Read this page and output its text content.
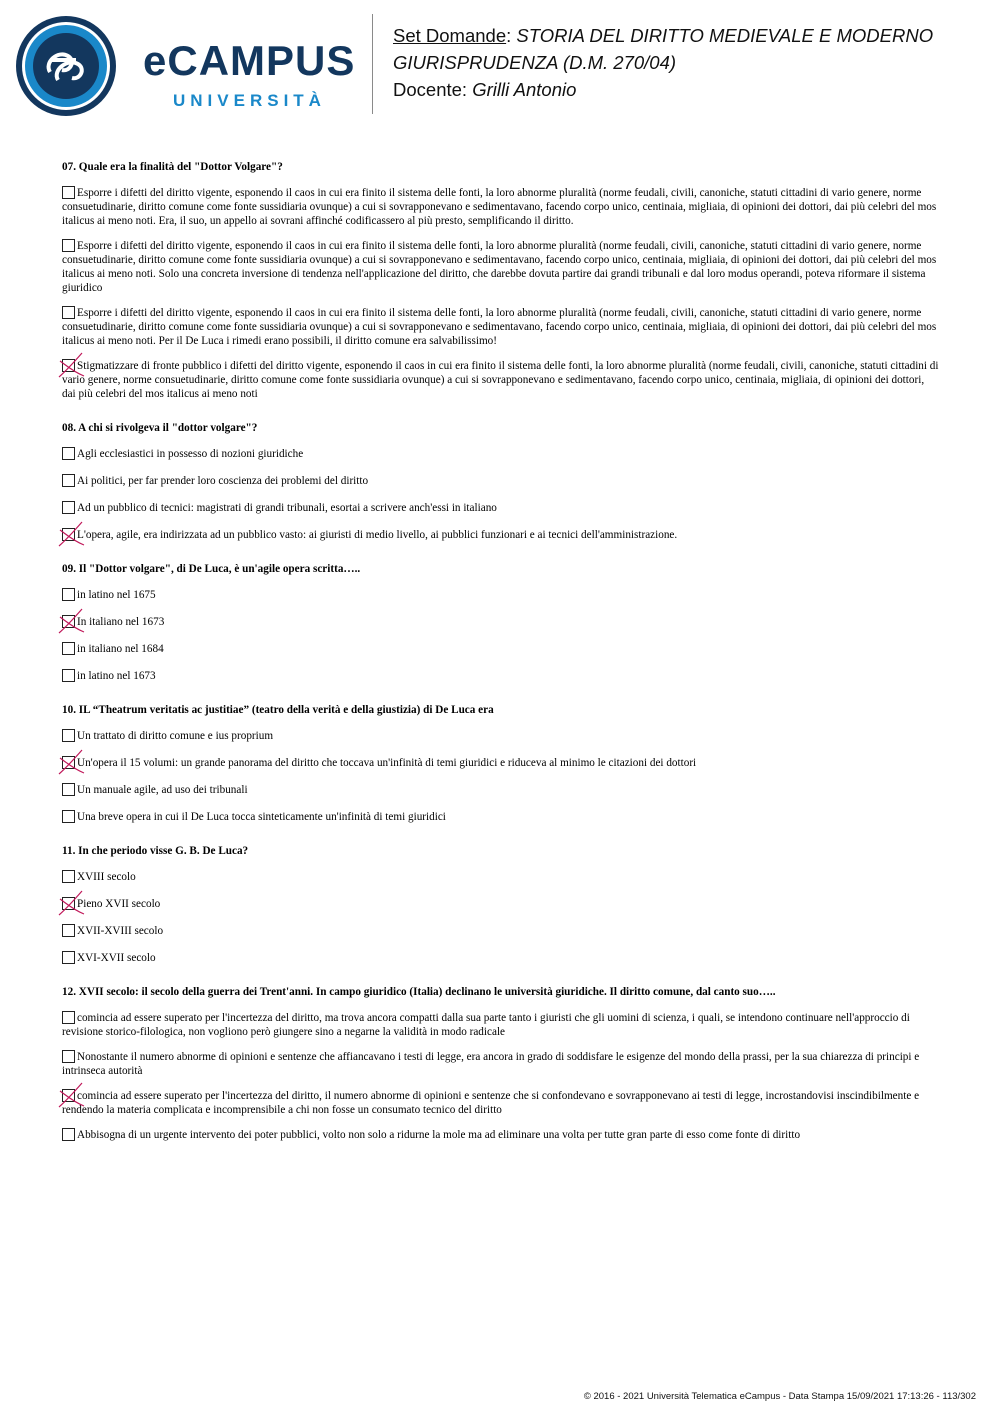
eCAMPUS
UNIVERSITÀ
Set Domande: STORIA DEL DIRITTO MEDIEVALE E MODERNO
GIURISPRUDENZA (D.M. 270/04)
Docente: Grilli Antonio
07. Quale era la finalità del "Dottor Volgare"?
Esporre i difetti del diritto vigente, esponendo il caos in cui era finito il sistema delle fonti, la loro abnorme pluralità (norme feudali, civili, canoniche, statuti cittadini di vario genere, norme consuetudinarie, diritto comune come fonte sussidiaria ovunque) a cui si sovrapponevano e sedimentavano, facendo corpo unico, centinaia, migliaia, di opinioni dei dottori, dai più celebri del mos italicus ai meno noti. Era, il suo, un appello ai sovrani affinché codificassero al più presto, semplificando il diritto.
Esporre i difetti del diritto vigente, esponendo il caos in cui era finito il sistema delle fonti, la loro abnorme pluralità (norme feudali, civili, canoniche, statuti cittadini di vario genere, norme consuetudinarie, diritto comune come fonte sussidiaria ovunque) a cui si sovrapponevano e sedimentavano, facendo corpo unico, centinaia, migliaia, di opinioni dei dottori, dai più celebri del mos italicus ai meno noti. Solo una concreta inversione di tendenza nell'applicazione del diritto, che darebbe dovuta partire dai grandi tribunali e dal loro modus operandi, poteva riformare il sistema giuridico
Esporre i difetti del diritto vigente, esponendo il caos in cui era finito il sistema delle fonti, la loro abnorme pluralità (norme feudali, civili, canoniche, statuti cittadini di vario genere, norme consuetudinarie, diritto comune come fonte sussidiaria ovunque) a cui si sovrapponevano e sedimentavano, facendo corpo unico, centinaia, migliaia, di opinioni dei dottori, dai più celebri del mos italicus ai meno noti. Per il De Luca i rimedi erano possibili, il diritto comune era salvabilissimo!
Stigmatizzare di fronte pubblico i difetti del diritto vigente, esponendo il caos in cui era finito il sistema delle fonti, la loro abnorme pluralità (norme feudali, civili, canoniche, statuti cittadini di vario genere, norme consuetudinarie, diritto comune come fonte sussidiaria ovunque) a cui si sovrapponevano e sedimentavano, facendo corpo unico, centinaia, migliaia, di opinioni dei dottori, dai più celebri del mos italicus ai meno noti
08. A chi si rivolgeva il "dottor volgare"?
Agli ecclesiastici in possesso di nozioni giuridiche
Ai politici, per far prender loro coscienza dei problemi del diritto
Ad un pubblico di tecnici: magistrati di grandi tribunali, esortai a scrivere anch'essi in italiano
L'opera, agile, era indirizzata ad un pubblico vasto: ai giuristi di medio livello, ai pubblici funzionari e ai tecnici dell'amministrazione.
09. Il "Dottor volgare", di De Luca, è un'agile opera scritta…..
in latino nel 1675
In italiano nel 1673
in italiano nel 1684
in latino nel 1673
10. IL “Theatrum veritatis ac justitiae” (teatro della verità e della giustizia) di De Luca era
Un trattato di diritto comune e ius proprium
Un'opera il 15 volumi: un grande panorama del diritto che toccava un'infinità di temi giuridici e riduceva al minimo le citazioni dei dottori
Un manuale agile, ad uso dei tribunali
Una breve opera in cui il De Luca tocca sinteticamente un'infinità di temi giuridici
11. In che periodo visse G. B. De Luca?
XVIII secolo
Pieno XVII secolo
XVII-XVIII secolo
XVI-XVII secolo
12. XVII secolo: il secolo della guerra dei Trent'anni. In campo giuridico (Italia) declinano le università giuridiche. Il diritto comune, dal canto suo…..
comincia ad essere superato per l'incertezza del diritto, ma trova ancora compatti dalla sua parte tanto i giuristi che gli uomini di scienza, i quali, se intendono continuare nell'approccio di revisione storico-filologica, non vogliono però giungere sino a negarne la validità in modo radicale
Nonostante il numero abnorme di opinioni e sentenze che affiancavano i testi di legge, era ancora in grado di soddisfare le esigenze del mondo della prassi, per la sua chiarezza di principi e intrinseca autorità
comincia ad essere superato per l'incertezza del diritto, il numero abnorme di opinioni e sentenze che si confondevano e sovrapponevano ai testi di legge, incrostandovisi inscindibilmente e rendendo la materia complicata e incomprensibile a chi non fosse un consumato tecnico del diritto
Abbisogna di un urgente intervento dei poter pubblici, volto non solo a ridurne la mole ma ad eliminare una volta per tutte gran parte di esso come fonte di diritto
© 2016 - 2021 Università Telematica eCampus - Data Stampa 15/09/2021 17:13:26 - 113/302
